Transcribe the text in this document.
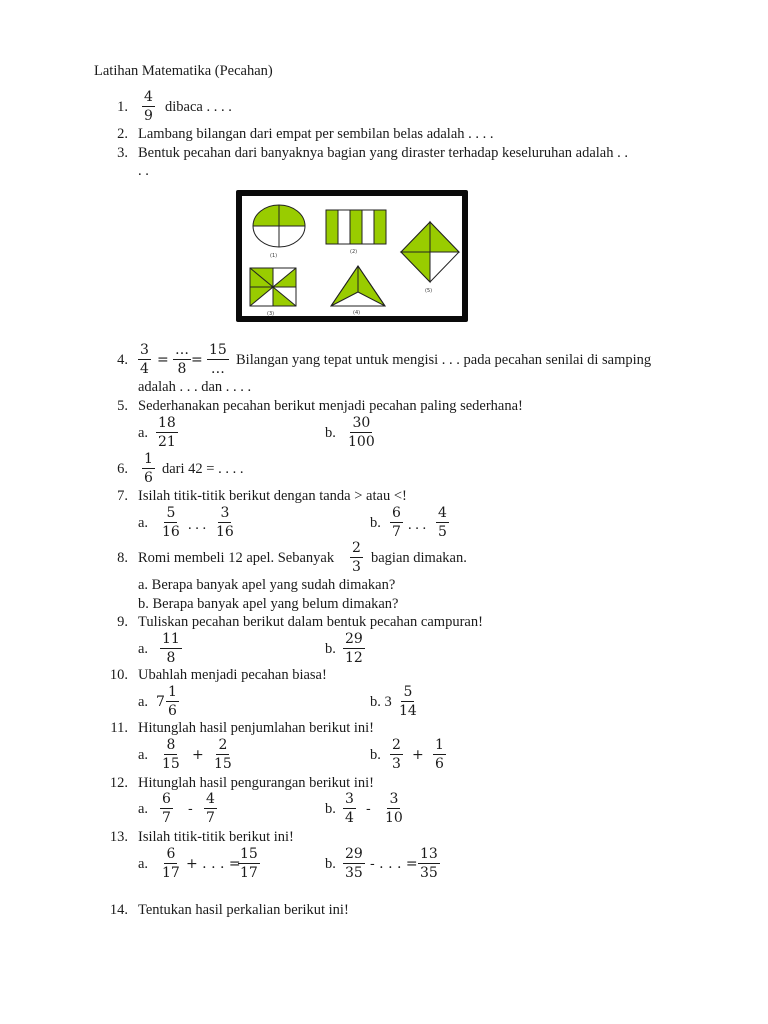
Latihan Matematika (Pecahan)
1. $\frac{4}{9}$ dibaca . . . .
2. Lambang bilangan dari empat per sembilan belas adalah . . . .
3. Bentuk pecahan dari banyaknya bagian yang diraster terhadap keseluruhan adalah . .
. .
(1)
(2)
(5)
(3)	(4)
4. $\frac{3}{4}$ =
…
8
=
15
…
Bilangan yang tepat untuk mengisi . . . pada pecahan senilai di samping
adalah . . . dan . . . .
5. Sederhanakan pecahan berikut menjadi pecahan paling sederhana!
a. $\frac{18}{21}$	b. $\frac{30}{100}$
6. $\frac{1}{6}$ dari 42 = . . . .
7. Isilah titik-titik berikut dengan tanda > atau <!
a. $\frac{5}{16}$ . . . $\frac{3}{16}$	b. $\frac{6}{7}$ . . . $\frac{4}{5}$
8. Romi membeli 12 apel. Sebanyak $\frac{2}{3}$ bagian dimakan.
a. Berapa banyak apel yang sudah dimakan?
b. Berapa banyak apel yang belum dimakan?
9. Tuliskan pecahan berikut dalam bentuk pecahan campuran!
a. $\frac{11}{8}$	b. $\frac{29}{12}$
10. Ubahlah menjadi pecahan biasa!
a. $7 \frac{1}{6}$	b. $3 \frac{5}{14}$
11. Hitunglah hasil penjumlahan berikut ini!
a. $\frac{8}{15} + \frac{2}{15}$	b. $\frac{2}{3} + \frac{1}{6}$
12. Hitunglah hasil pengurangan berikut ini!
a. $\frac{6}{7} - \frac{4}{7}$	b. $\frac{3}{4} - \frac{3}{10}$
13. Isilah titik-titik berikut ini!
a. $\frac{6}{17}$ + . . . =
$\frac{15}{17}$	b. $\frac{29}{35}$ - . . . = $\frac{13}{35}$
14. Tentukan hasil perkalian berikut ini!
